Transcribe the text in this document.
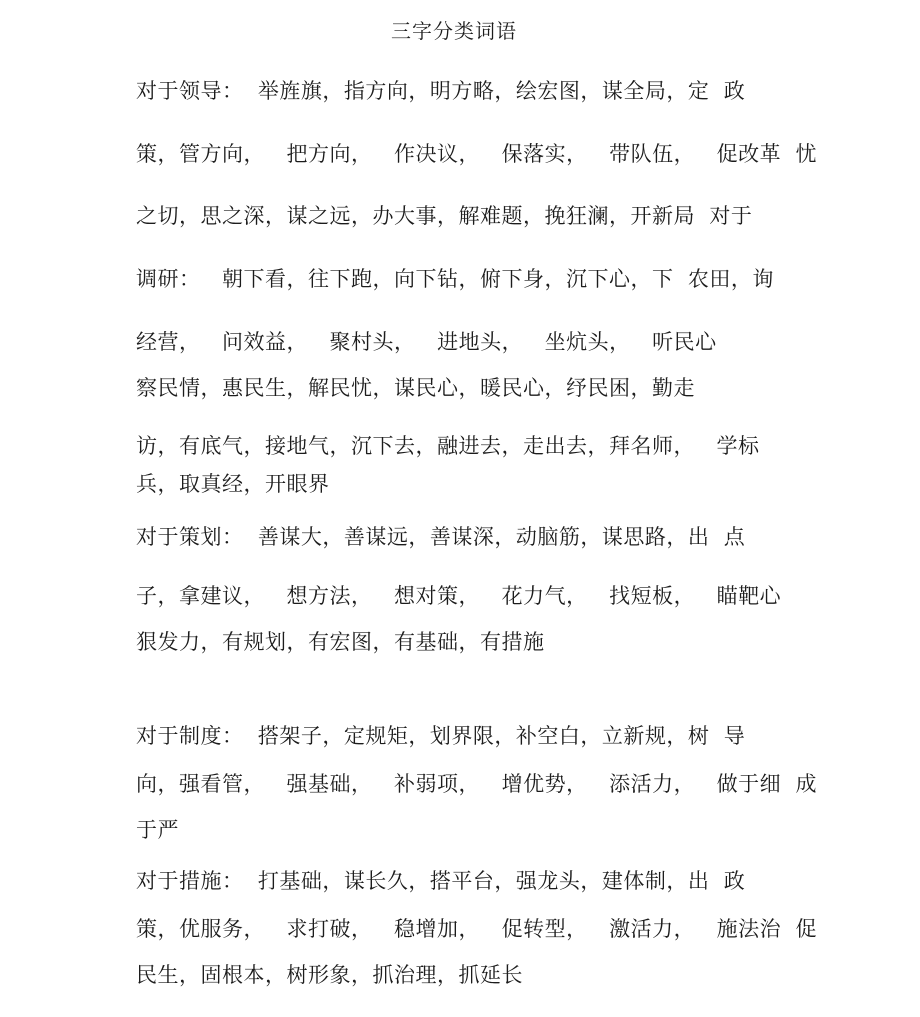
三字分类词语
对于领导：  举旌旗，指方向，明方略，绘宏图，谋全局，定  政
策，管方向，   把方向，   作决议，   保落实，   带队伍，   促改革  忧
之切，思之深，谋之远，办大事，解难题，挽狂澜，开新局  对于
调研：   朝下看，往下跑，向下钻，俯下身，沉下心，下  农田，询
经营，   问效益，   聚村头，   进地头，   坐炕头，   听民心
察民情，惠民生，解民忧，谋民心，暖民心，纾民困，勤走
访，有底气，接地气，沉下去，融进去，走出去，拜名师，   学标
兵，取真经，开眼界
对于策划：  善谋大，善谋远，善谋深，动脑筋，谋思路，出  点
子，拿建议，   想方法，   想对策，   花力气，   找短板，   瞄靶心
狠发力，有规划，有宏图，有基础，有措施
对于制度：  搭架子，定规矩，划界限，补空白，立新规，树  导
向，强看管，   强基础，   补弱项，   增优势，   添活力，   做于细  成
于严
对于措施：  打基础，谋长久，搭平台，强龙头，建体制，出  政
策，优服务，   求打破，   稳增加，   促转型，   激活力，   施法治  促
民生，固根本，树形象，抓治理，抓延长
